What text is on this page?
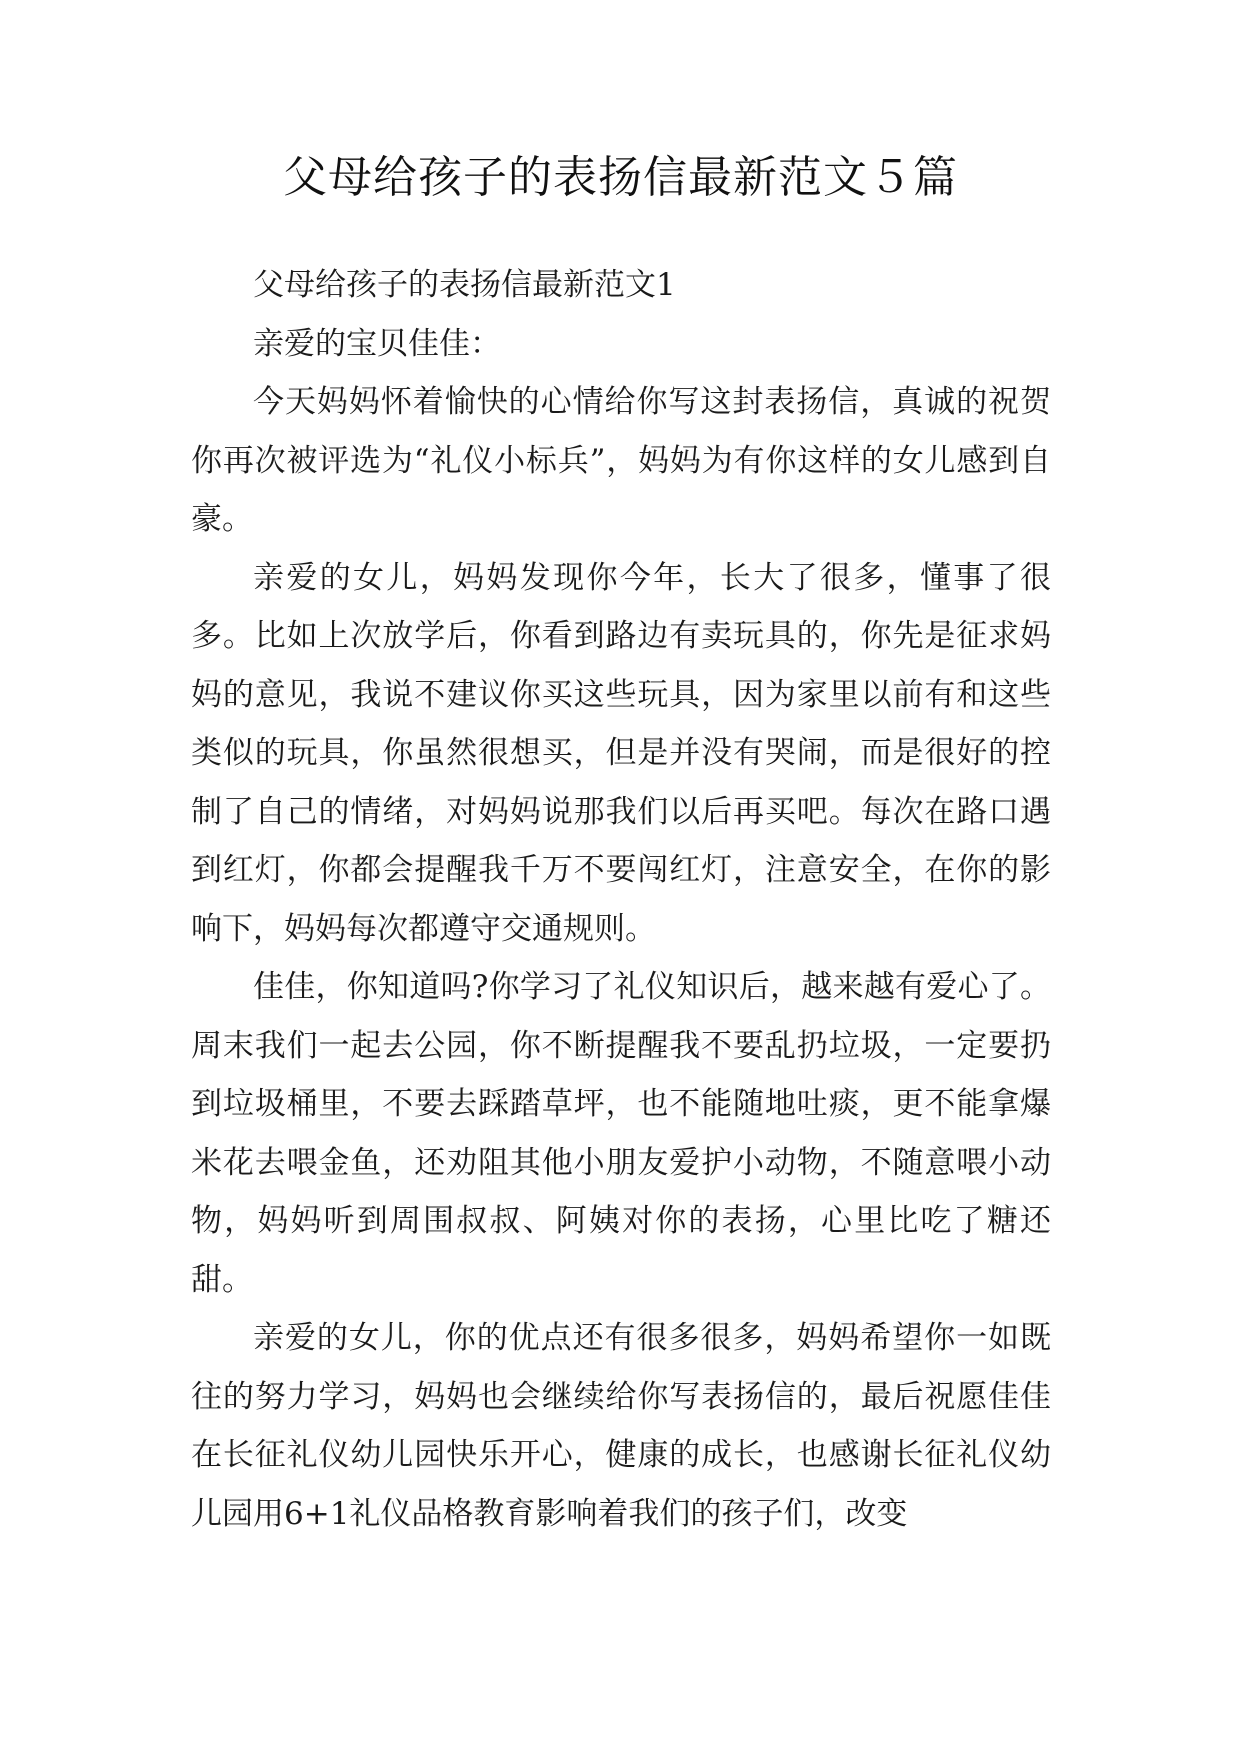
父母给孩子的表扬信最新范文５篇

父母给孩子的表扬信最新范文1

亲爱的宝贝佳佳：

今天妈妈怀着愉快的心情给你写这封表扬信，真诚的祝贺你再次被评选为“礼仪小标兵”，妈妈为有你这样的女儿感到自豪。

亲爱的女儿，妈妈发现你今年，长大了很多，懂事了很多。比如上次放学后，你看到路边有卖玩具的，你先是征求妈妈的意见，我说不建议你买这些玩具，因为家里以前有和这些类似的玩具，你虽然很想买，但是并没有哭闹，而是很好的控制了自己的情绪，对妈妈说那我们以后再买吧。每次在路口遇到红灯，你都会提醒我千万不要闯红灯，注意安全，在你的影响下，妈妈每次都遵守交通规则。

佳佳，你知道吗?你学习了礼仪知识后，越来越有爱心了。周末我们一起去公园，你不断提醒我不要乱扔垃圾，一定要扔到垃圾桶里，不要去踩踏草坪，也不能随地吐痰，更不能拿爆米花去喂金鱼，还劝阻其他小朋友爱护小动物，不随意喂小动物，妈妈听到周围叔叔、阿姨对你的表扬，心里比吃了糖还甜。

亲爱的女儿，你的优点还有很多很多，妈妈希望你一如既往的努力学习，妈妈也会继续给你写表扬信的，最后祝愿佳佳在长征礼仪幼儿园快乐开心，健康的成长，也感谢长征礼仪幼儿园用6+1礼仪品格教育影响着我们的孩子们，改变
